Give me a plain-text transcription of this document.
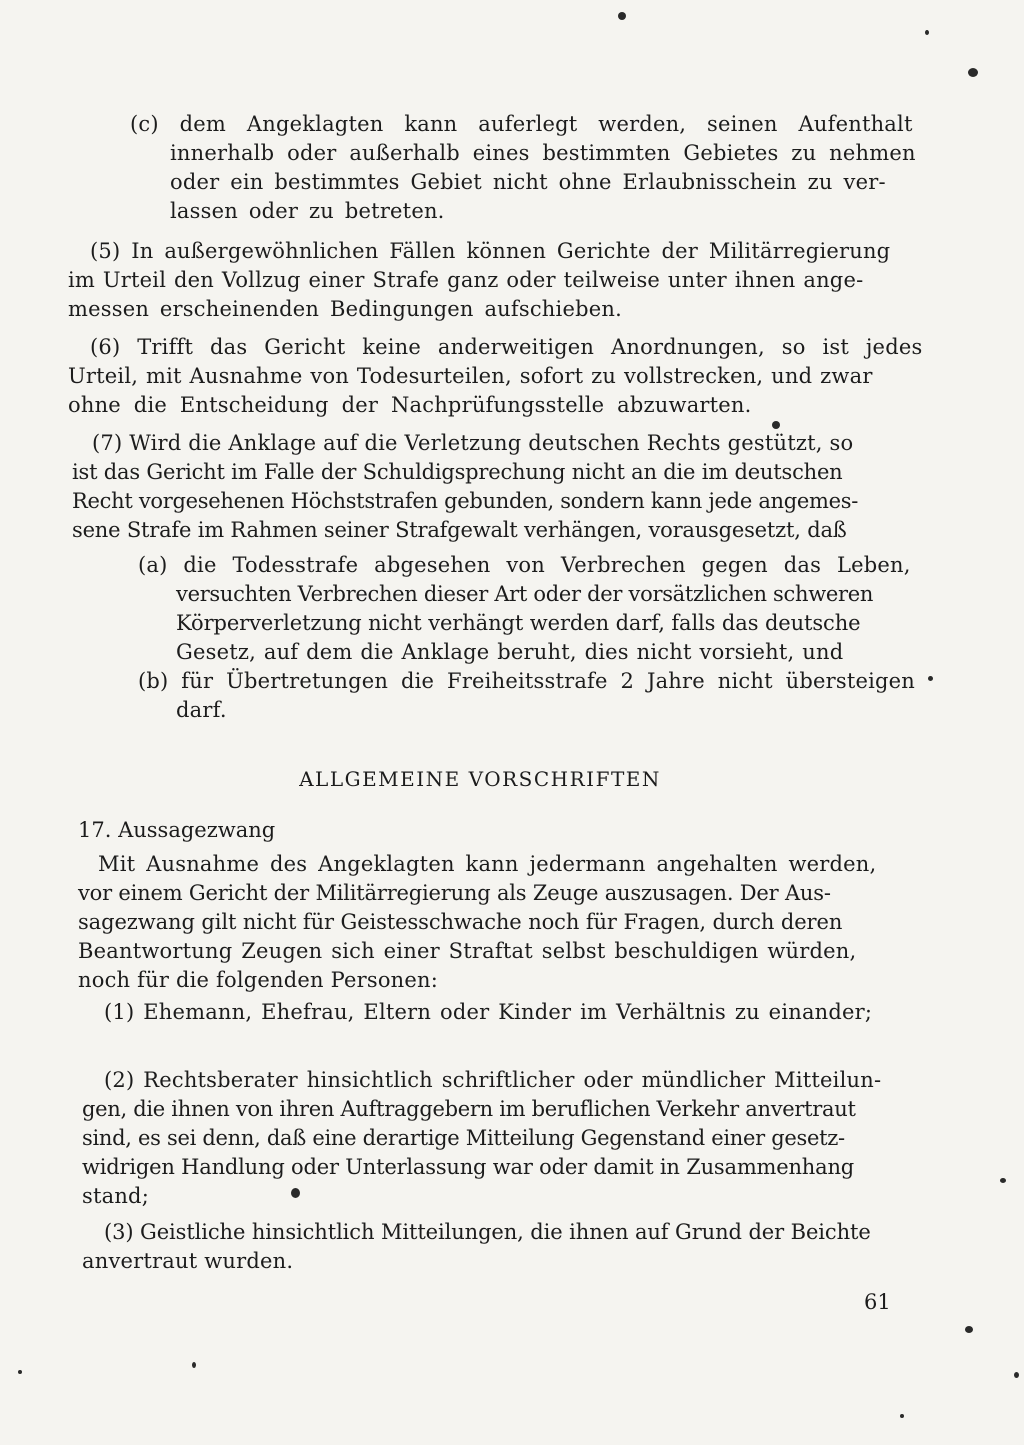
(c) dem Angeklagten kann auferlegt werden, seinen Aufenthalt
innerhalb oder außerhalb eines bestimmten Gebietes zu nehmen
oder ein bestimmtes Gebiet nicht ohne Erlaubnisschein zu ver-
lassen oder zu betreten.
(5) In außergewöhnlichen Fällen können Gerichte der Militärregierung
im Urteil den Vollzug einer Strafe ganz oder teilweise unter ihnen ange-
messen erscheinenden Bedingungen aufschieben.
(6) Trifft das Gericht keine anderweitigen Anordnungen, so ist jedes
Urteil, mit Ausnahme von Todesurteilen, sofort zu vollstrecken, und zwar
ohne die Entscheidung der Nachprüfungsstelle abzuwarten.
(7) Wird die Anklage auf die Verletzung deutschen Rechts gestützt, so
ist das Gericht im Falle der Schuldigsprechung nicht an die im deutschen
Recht vorgesehenen Höchststrafen gebunden, sondern kann jede angemes-
sene Strafe im Rahmen seiner Strafgewalt verhängen, vorausgesetzt, daß
(a) die Todesstrafe abgesehen von Verbrechen gegen das Leben,
versuchten Verbrechen dieser Art oder der vorsätzlichen schweren
Körperverletzung nicht verhängt werden darf, falls das deutsche
Gesetz, auf dem die Anklage beruht, dies nicht vorsieht, und
(b) für Übertretungen die Freiheitsstrafe 2 Jahre nicht übersteigen
darf.

ALLGEMEINE VORSCHRIFTEN

17. Aussagezwang

Mit Ausnahme des Angeklagten kann jedermann angehalten werden,
vor einem Gericht der Militärregierung als Zeuge auszusagen. Der Aus-
sagezwang gilt nicht für Geistesschwache noch für Fragen, durch deren
Beantwortung Zeugen sich einer Straftat selbst beschuldigen würden,
noch für die folgenden Personen:
(1) Ehemann, Ehefrau, Eltern oder Kinder im Verhältnis zu einander;
(2) Rechtsberater hinsichtlich schriftlicher oder mündlicher Mitteilun-
gen, die ihnen von ihren Auftraggebern im beruflichen Verkehr anvertraut
sind, es sei denn, daß eine derartige Mitteilung Gegenstand einer gesetz-
widrigen Handlung oder Unterlassung war oder damit in Zusammenhang
stand;
(3) Geistliche hinsichtlich Mitteilungen, die ihnen auf Grund der Beichte
anvertraut wurden.

61
